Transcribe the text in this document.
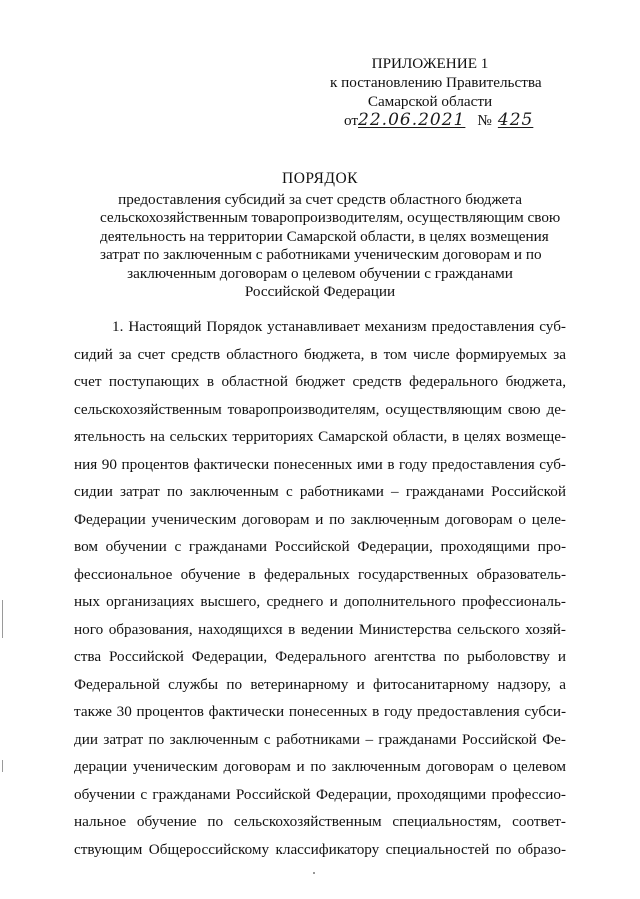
ПРИЛОЖЕНИЕ 1
к постановлению Правительства
Самарской области
от22.06.2021 № 425
ПОРЯДОК
предоставления субсидий за счет средств областного бюджета
сельскохозяйственным товаропроизводителям, осуществляющим свою
деятельность на территории Самарской области, в целях возмещения
затрат по заключенным с работниками ученическим договорам и по
заключенным договорам о целевом обучении с гражданами
Российской Федерации
1. Настоящий Порядок устанавливает механизм предоставления суб-
сидий за счет средств областного бюджета, в том числе формируемых за
счет поступающих в областной бюджет средств федерального бюджета,
сельскохозяйственным товаропроизводителям, осуществляющим свою де-
ятельность на сельских территориях Самарской области, в целях возмеще-
ния 90 процентов фактически понесенных ими в году предоставления суб-
сидии затрат по заключенным с работниками – гражданами Российской
Федерации ученическим договорам и по заключенным договорам о целе-
вом обучении с гражданами Российской Федерации, проходящими про-
фессиональное обучение в федеральных государственных образователь-
ных организациях высшего, среднего и дополнительного профессиональ-
ного образования, находящихся в ведении Министерства сельского хозяй-
ства Российской Федерации, Федерального агентства по рыболовству и
Федеральной службы по ветеринарному и фитосанитарному надзору, а
также 30 процентов фактически понесенных в году предоставления субси-
дии затрат по заключенным с работниками – гражданами Российской Фе-
дерации ученическим договорам и по заключенным договорам о целевом
обучении с гражданами Российской Федерации, проходящими профессио-
нальное обучение по сельскохозяйственным специальностям, соответ-
ствующим Общероссийскому классификатору специальностей по образо-
